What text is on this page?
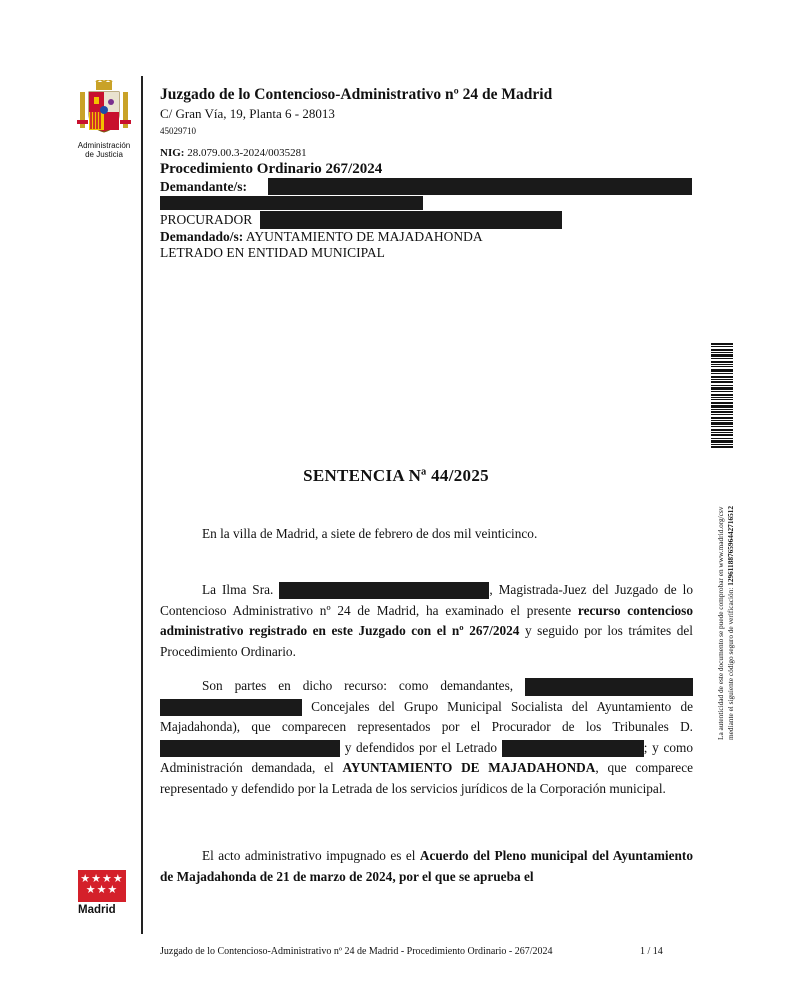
Administración
de Justicia
Juzgado de lo Contencioso-Administrativo nº 24 de Madrid
C/ Gran Vía, 19, Planta 6 - 28013
45029710
NIG: 28.079.00.3-2024/0035281
Procedimiento Ordinario 267/2024
Demandante/s:
PROCURADOR
Demandado/s: AYUNTAMIENTO DE MAJADAHONDA
LETRADO EN ENTIDAD MUNICIPAL
La autenticidad de este documento se puede comprobar en www.madrid.org/csv mediante el siguiente código seguro de verificación: 1296118876596442716512
SENTENCIA Nª 44/2025

En la villa de Madrid, a siete de febrero de dos mil veinticinco.

La Ilma Sra.	, Magistrada-Juez del Juzgado de lo Contencioso Administrativo nº 24 de Madrid, ha examinado el presente recurso contencioso administrativo registrado en este Juzgado con el nº 267/2024 y seguido por los trámites del Procedimiento Ordinario.

Son partes en dicho recurso: como demandantes,   Concejales del Grupo Municipal Socialista del Ayuntamiento de Majadahonda), que comparecen representados por el Procurador de los Tribunales D.  y defendidos por el Letrado	; y como Administración demandada, el AYUNTAMIENTO DE MAJADAHONDA, que comparece representado y defendido por la Letrada de los servicios jurídicos de la Corporación municipal.

El acto administrativo impugnado es el Acuerdo del Pleno municipal del Ayuntamiento de Majadahonda de 21 de marzo de 2024, por el que se aprueba el

★★★★
★★★
Madrid
Juzgado de lo Contencioso-Administrativo nº 24 de Madrid - Procedimiento Ordinario - 267/2024	1 / 14
